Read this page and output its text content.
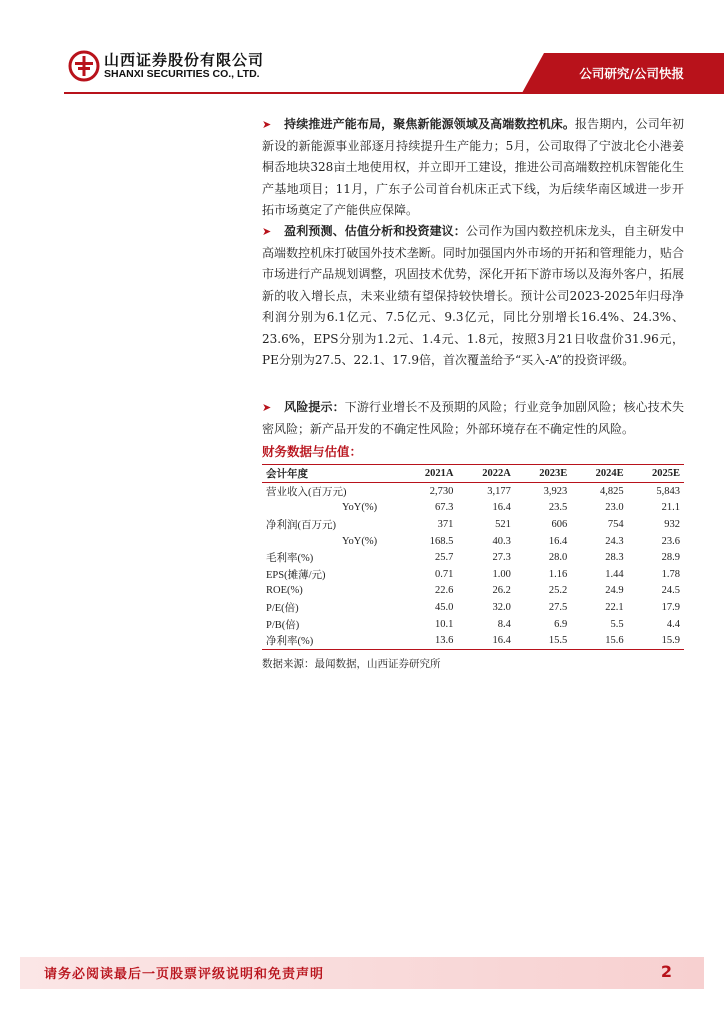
山西证券股份有限公司
SHANXI SECURITIES CO., LTD.	公司研究/公司快报
➤ 持续推进产能布局，聚焦新能源领域及高端数控机床。报告期内，公司年初新设的新能源事业部逐月持续提升生产能力；5月，公司取得了宁波北仑小港姜桐岙地块328亩土地使用权，并立即开工建设，推进公司高端数控机床智能化生产基地项目；11月，广东子公司首台机床正式下线，为后续华南区域进一步开拓市场奠定了产能供应保障。
➤ 盈利预测、估值分析和投资建议：公司作为国内数控机床龙头，自主研发中高端数控机床打破国外技术垄断。同时加强国内外市场的开拓和管理能力，贴合市场进行产品规划调整，巩固技术优势，深化开拓下游市场以及海外客户，拓展新的收入增长点，未来业绩有望保持较快增长。预计公司2023-2025年归母净利润分别为6.1亿元、7.5亿元、9.3亿元，同比分别增长16.4%、24.3%、23.6%，EPS分别为1.2元、1.4元、1.8元，按照3月21日收盘价31.96元，PE分别为27.5、22.1、17.9倍，首次覆盖给予“买入-A”的投资评级。
➤ 风险提示：下游行业增长不及预期的风险；行业竞争加剧风险；核心技术失密风险；新产品开发的不确定性风险；外部环境存在不确定性的风险。
财务数据与估值：
会计年度	2021A	2022A	2023E	2024E	2025E
营业收入(百万元)	2,730	3,177	3,923	4,825	5,843
YoY(%)	67.3	16.4	23.5	23.0	21.1
净利润(百万元)	371	521	606	754	932
YoY(%)	168.5	40.3	16.4	24.3	23.6
毛利率(%)	25.7	27.3	28.0	28.3	28.9
EPS(摊薄/元)	0.71	1.00	1.16	1.44	1.78
ROE(%)	22.6	26.2	25.2	24.9	24.5
P/E(倍)	45.0	32.0	27.5	22.1	17.9
P/B(倍)	10.1	8.4	6.9	5.5	4.4
净利率(%)	13.6	16.4	15.5	15.6	15.9
数据来源：最闻数据，山西证券研究所
请务必阅读最后一页股票评级说明和免责声明	2
